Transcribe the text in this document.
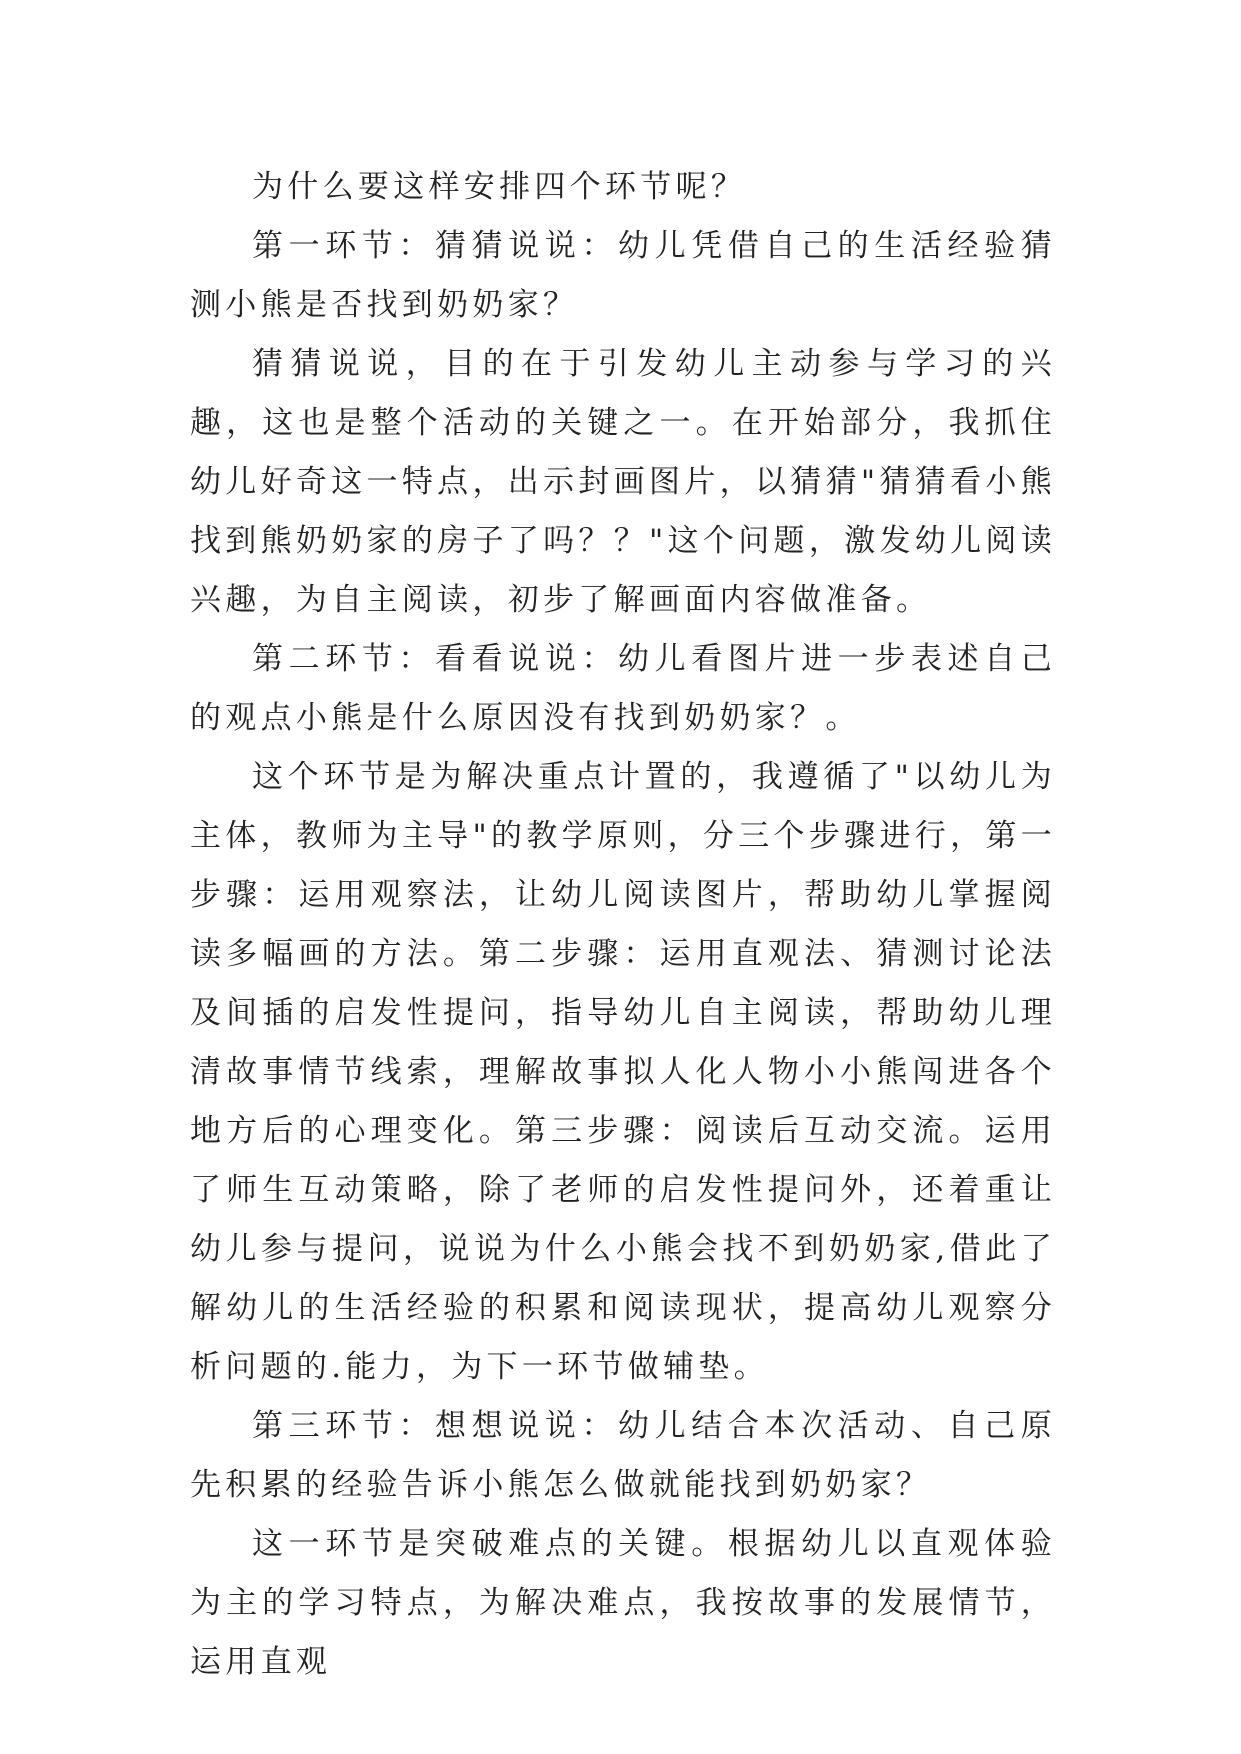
为什么要这样安排四个环节呢？

第一环节：猜猜说说：幼儿凭借自己的生活经验猜测小熊是否找到奶奶家？

猜猜说说，目的在于引发幼儿主动参与学习的兴趣，这也是整个活动的关键之一。在开始部分，我抓住幼儿好奇这一特点，出示封画图片，以猜猜"猜猜看小熊找到熊奶奶家的房子了吗？？"这个问题，激发幼儿阅读兴趣，为自主阅读，初步了解画面内容做准备。

第二环节：看看说说：幼儿看图片进一步表述自己的观点小熊是什么原因没有找到奶奶家？。

这个环节是为解决重点计置的，我遵循了"以幼儿为主体，教师为主导"的教学原则，分三个步骤进行，第一步骤：运用观察法，让幼儿阅读图片，帮助幼儿掌握阅读多幅画的方法。第二步骤：运用直观法、猜测讨论法及间插的启发性提问，指导幼儿自主阅读，帮助幼儿理清故事情节线索，理解故事拟人化人物小小熊闯进各个地方后的心理变化。第三步骤：阅读后互动交流。运用了师生互动策略，除了老师的启发性提问外，还着重让幼儿参与提问，说说为什么小熊会找不到奶奶家,借此了解幼儿的生活经验的积累和阅读现状，提高幼儿观察分析问题的.能力，为下一环节做辅垫。

第三环节：想想说说：幼儿结合本次活动、自己原先积累的经验告诉小熊怎么做就能找到奶奶家？

这一环节是突破难点的关键。根据幼儿以直观体验为主的学习特点，为解决难点，我按故事的发展情节，运用直观
